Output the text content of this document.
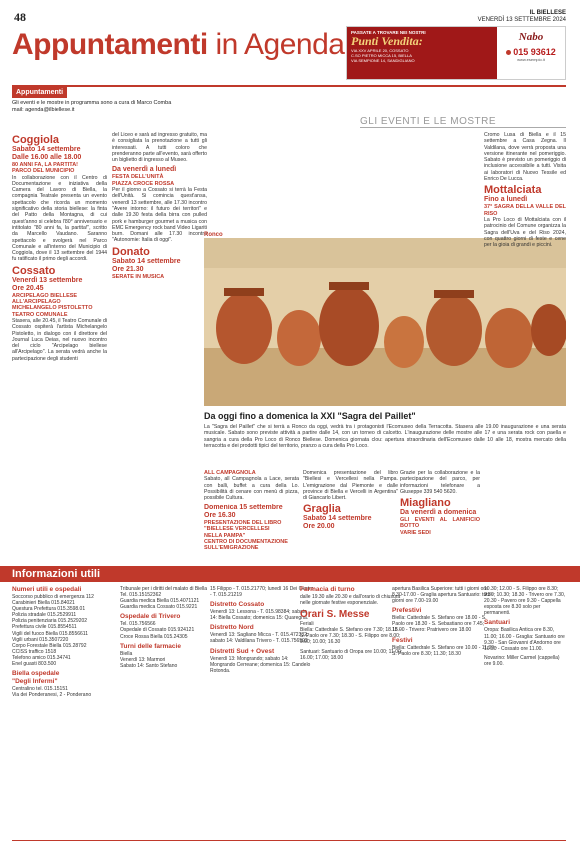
48	IL BIELLESE
VENERDÌ 13 SETTEMBRE 2024
Appuntamenti in Agenda PASSATE A TROVARE NEI NOSTRI
Punti Vendita:
VIA XXV APRILE 20, COSSATO
C.SO PIETRO MICCA 15, BIELLA
VIA SEMPIONE 14, SANDIGLIANO
Nabo
015 93612
www.esempio.it
Appuntamenti
Gli eventi e le mostre in programma sono a cura di Marco Comba
mail: agenda@ilbiellese.it
GLI EVENTI E LE MOSTRE
Coggiola
Sabato 14 settembre
Dalle 16.00 alle 18.00
80 ANNI FA, LA PARTITA!
PARCO DEL MUNICIPIO
In collaborazione con il Centro di Documentazione e iniziativa della Camera del Lavoro di Biella, la compagnia Teatrale presenta un evento spettacolo che ricorda un momento significativo della storia biellese: la finta del Patto della Montagna, di cui quest'anno si celebra l'80° anniversario e intitolato "80 anni fa, la partita!", scritto da Marcello Vaudano. Saranno spettacolo e svolgerà nel Parco Comunale e all'interno del Municipio di Coggiola, dove il 13 settembre del 1944 fu ratificato il primo degli accordi.
Cossato
Venerdì 13 settembre
Ore 20.45
ARCIPELAGO BIELLESE
ALL'ARCIPELAGO
MICHELANGELO PISTOLETTO
TEATRO COMUNALE
Stasera, alle 20.45, il Teatro Comunale di Cossato ospiterà l'artista Michelangelo Pistoletto, in dialogo con il direttore del Journal Luca Deias, nel nuovo incontro del ciclo "Arcipelago biellese all'Arcipelago". La serata vedrà anche la partecipazione degli studenti
del Liceo e sarà ad ingresso gratuito, ma è consigliata la prenotazione a tutti gli interessati. A tutti coloro che prenderanno parte all'evento, sarà offerto un biglietto di ingresso al Museo.
Da venerdì a lunedì
FESTA DELL'UNITÀ
PIAZZA CROCE ROSSA
Per il giorno a Cossato si terrà la Festa dell'Unità. Si comincia quest'ansa, venerdì 13 settembre, alle 17.30 incontro "Avere intorno: il futuro dei territori" e dalle 19.30 festa della birra con pulled pork e hamburger gourmet a musica con EMC Emergency rock band Video Ligariti burn. Domani alle 17.30 incontro "Autonomie: Italia di oggi".
Donato
Sabato 14 settembre
Ore 21.30
SERATE IN MUSICA
Ronco
Da oggi fino a domenica la XXI "Sagra del Paillet"
La "Sagra del Paillet" che si terrà a Ronco da oggi, vedrà tra i protagonisti l'Ecomuseo della Terracotta. Stasera alle 19.00 inaugurazione e una serata musicale. Sabato sono previste attività a partire dalle 14, con un torneo di calcetto. L'inaugurazione delle mostre alle 17 e una serata rock con paella e sangria a cura della Pro Loco di Ronco Biellese. Domenica giornata clou: apertura straordinaria dell'Ecomuseo dalle 10 alle 18, mostra mercato della terracotta e dei prodotti tipici del territorio, pranzo a cura della Pro Loco.
ALL CAMPAGNOLA
Sabato, all Campagnola a Lace, serata con balli, buffet a cura della Lo. Possibilità di cenare con menù di pizza, possibile Cultura.
Domenica 15 settembre
Ore 16.30
PRESENTAZIONE DEL LIBRO
"BIELLESE VERCELLESI
NELLA PAMPA"
CENTRO DI DOCUMENTAZIONE
SULL'EMIGRAZIONE
Domenica presentazione del libro "Biellesi e Vercellesi nella Pampa. L'emigrazione dal Piemonte e dalle province di Biella e Vercelli in Argentina" di Giancarlo Libert.
Graglia
Sabato 14 settembre
Ore 20.00
Grazie per la collaborazione e la partecipazione del parco, per informazioni telefonare a Giuseppe 339 540 5620.
Miagliano
Da venerdì a domenica
GLI EVENTI AL LANIFICIO BOTTO
VARIE SEDI
Cromo Lusa di Biella e il 15 settembre a Casa Zegna. Il Valdilana, dove verrà proposta una versione itinerante nel pomeriggio. Sabato è previsto un pomeriggio di inclusione accessibile a tutti. Visita ai laboratori di Nuovo Tessile ed Enrico De Lucca.
Mottalciata
Fino a lunedì
37° SAGRA DELLA VALLE DEL RISO
La Pro Loco di Mottalciata con il patrocinio del Comune organizza la Sagra dell'Uva e del Riso 2024, con quattro giorni di feste e cene per la gioia di grandi e piccini.
Informazioni utili
Numeri utili e ospedali
Soccorso pubblico di emergenza 112
Carabinieri Biella 015.84021
Questura Prefettura 015.3598.01
Polizia stradale 015.2529911
Polizia penitenziaria 015.2529202
Prefettura civile 015.8554511
Vigili del fuoco Biella 015.8556611
Vigili urbani 015.3507220
Corpo Forestale Biella 015.28792
CCISS traffico 1518
Telefono amico 015.34741
Enel guasti 803.500
Biella ospedale
"Degli Infermi"
Centralino tel. 015.15151
Via dei Ponderanesi, 2 - Ponderano
Tribunale per i diritti del malato di Biella
Tel. 015.15152362
Guardia medica Biella 015.4071121
Guardia medica Cossato 015.9221
Ospedale di Trivero
Tel. 015.756566
Ospedale di Cossato 015.924121
Croce Rossa Biella 015.24305
Turni delle farmacie
Biella
Venerdì 13: Marmori
Sabato 14: Santo Stefano
15 Filippo - T. 015.21770; lunedì 16 Dei Centro - T. 015.21219
Distretto Cossato
Venerdì 13: Lessona - T. 015.98384; sabato 14: Biella Cossato; domenica 15: Quaregna.
Distretto Nord
Venerdì 13: Sagliano Micca - T. 015.472332; sabato 14: Valdilana Trivero - T. 015.756592
Distretti Sud + Ovest
Venerdì 13: Mongrando; sabato 14: Mongrando Cerreane; domenica 15: Candelo Rotonda.
Farmacia di turno
dalle 19.30 alle 20.30 e dall'orario di chiusura nelle giornate festive esponenziale.
Orari S. Messe
Feriali
Biella: Cattedrale S. Stefano ore 7.30; 18.15 - S. Paolo ore 7.30; 18.30 - S. Filippo ore 8.00; 9.00; 10.00; 16.30
Santuari: Santuario di Oropa ore 10.00; 11.00; 16.00; 17.00; 18.00
apertura Basilica Superiore: tutti i giorni ore 8.30-17.00 - Graglia apertura Santuario: tutti i giorni ore 7.00-19.00
Prefestivi
Biella: Cattedrale S. Stefano ore 18.00 - S. Paolo ore 18.30 - S. Sebastiano ore 7.45; 18.00 - Trivero: Pratrivero ore 18.00
Festivi
Biella: Cattedrale S. Stefano ore 10.00 - 11.30 - S. Paolo ore 8.30; 11.30; 18.30
10.30; 12.00 - S. Filippo ore 8.30; 9.30; 10.30; 18.30 - Trivero ore 7.30, 20.30 - Pavero ore 9.30 - Cappella esposta ore 8.30 solo per permanenti.
Santuari
Oropa: Basilica Antica ore 8.30, 11.00; 16.00 - Graglia: Santuario ore 9.30 - San Giovanni d'Andorno ore 10.30 - Cossato ore 11.00.
Novarino: Miller Carmel (cappella) ore 9.00.
